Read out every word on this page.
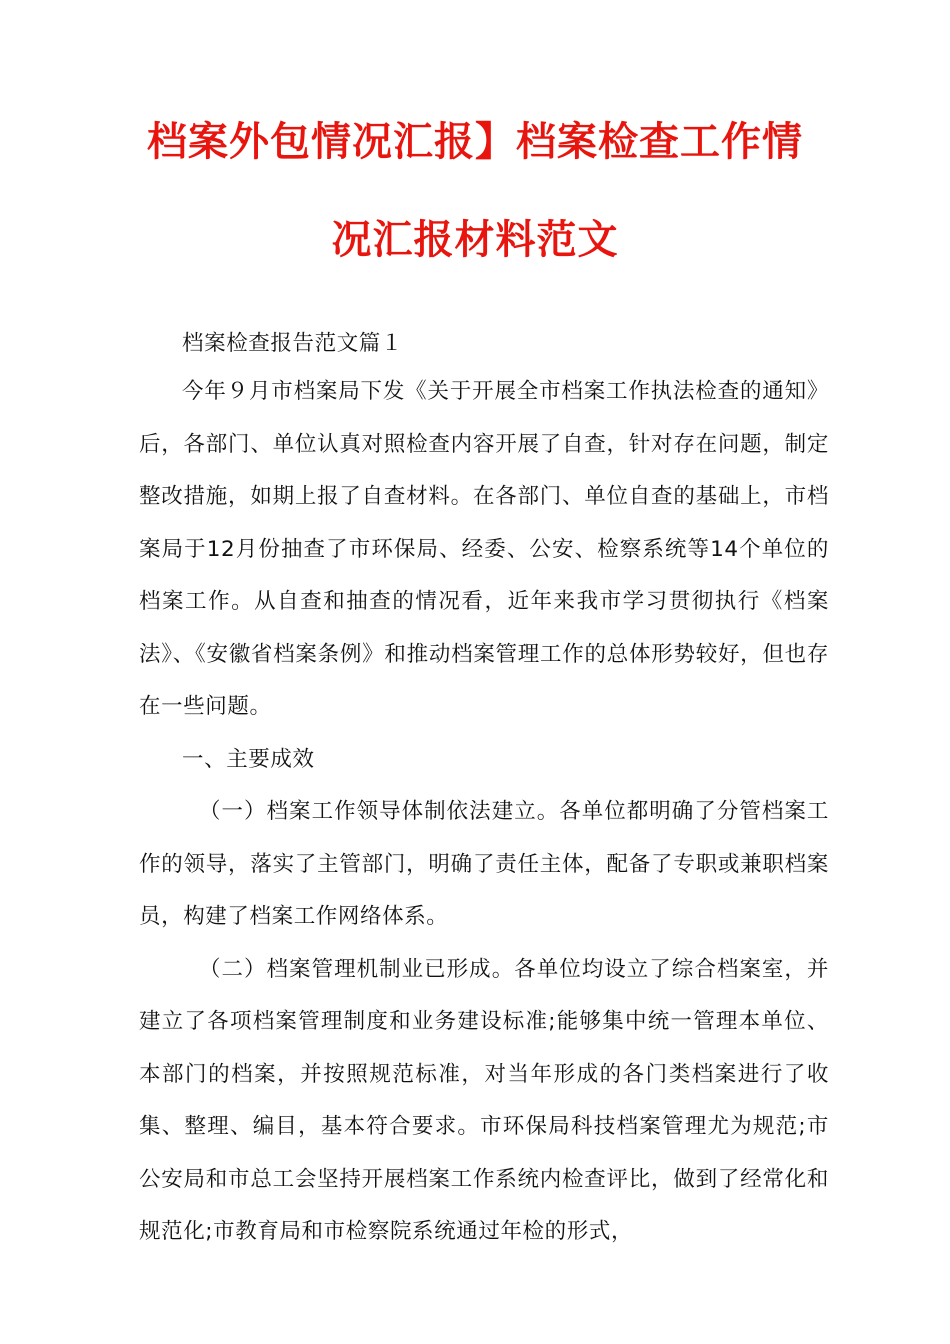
档案外包情况汇报】档案检查工作情
况汇报材料范文

档案检查报告范文篇１

今年９月市档案局下发《关于开展全市档案工作执法检查的通知》后，各部门、单位认真对照检查内容开展了自查，针对存在问题，制定整改措施，如期上报了自查材料。在各部门、单位自查的基础上，市档案局于12月份抽查了市环保局、经委、公安、检察系统等14个单位的档案工作。从自查和抽查的情况看，近年来我市学习贯彻执行《档案法》、《安徽省档案条例》和推动档案管理工作的总体形势较好，但也存在一些问题。

一、主要成效

（一）档案工作领导体制依法建立。各单位都明确了分管档案工作的领导，落实了主管部门，明确了责任主体，配备了专职或兼职档案员，构建了档案工作网络体系。

（二）档案管理机制业已形成。各单位均设立了综合档案室，并建立了各项档案管理制度和业务建设标准;能够集中统一管理本单位、本部门的档案，并按照规范标准，对当年形成的各门类档案进行了收集、整理、编目，基本符合要求。市环保局科技档案管理尤为规范;市公安局和市总工会坚持开展档案工作系统内检查评比，做到了经常化和规范化;市教育局和市检察院系统通过年检的形式，
